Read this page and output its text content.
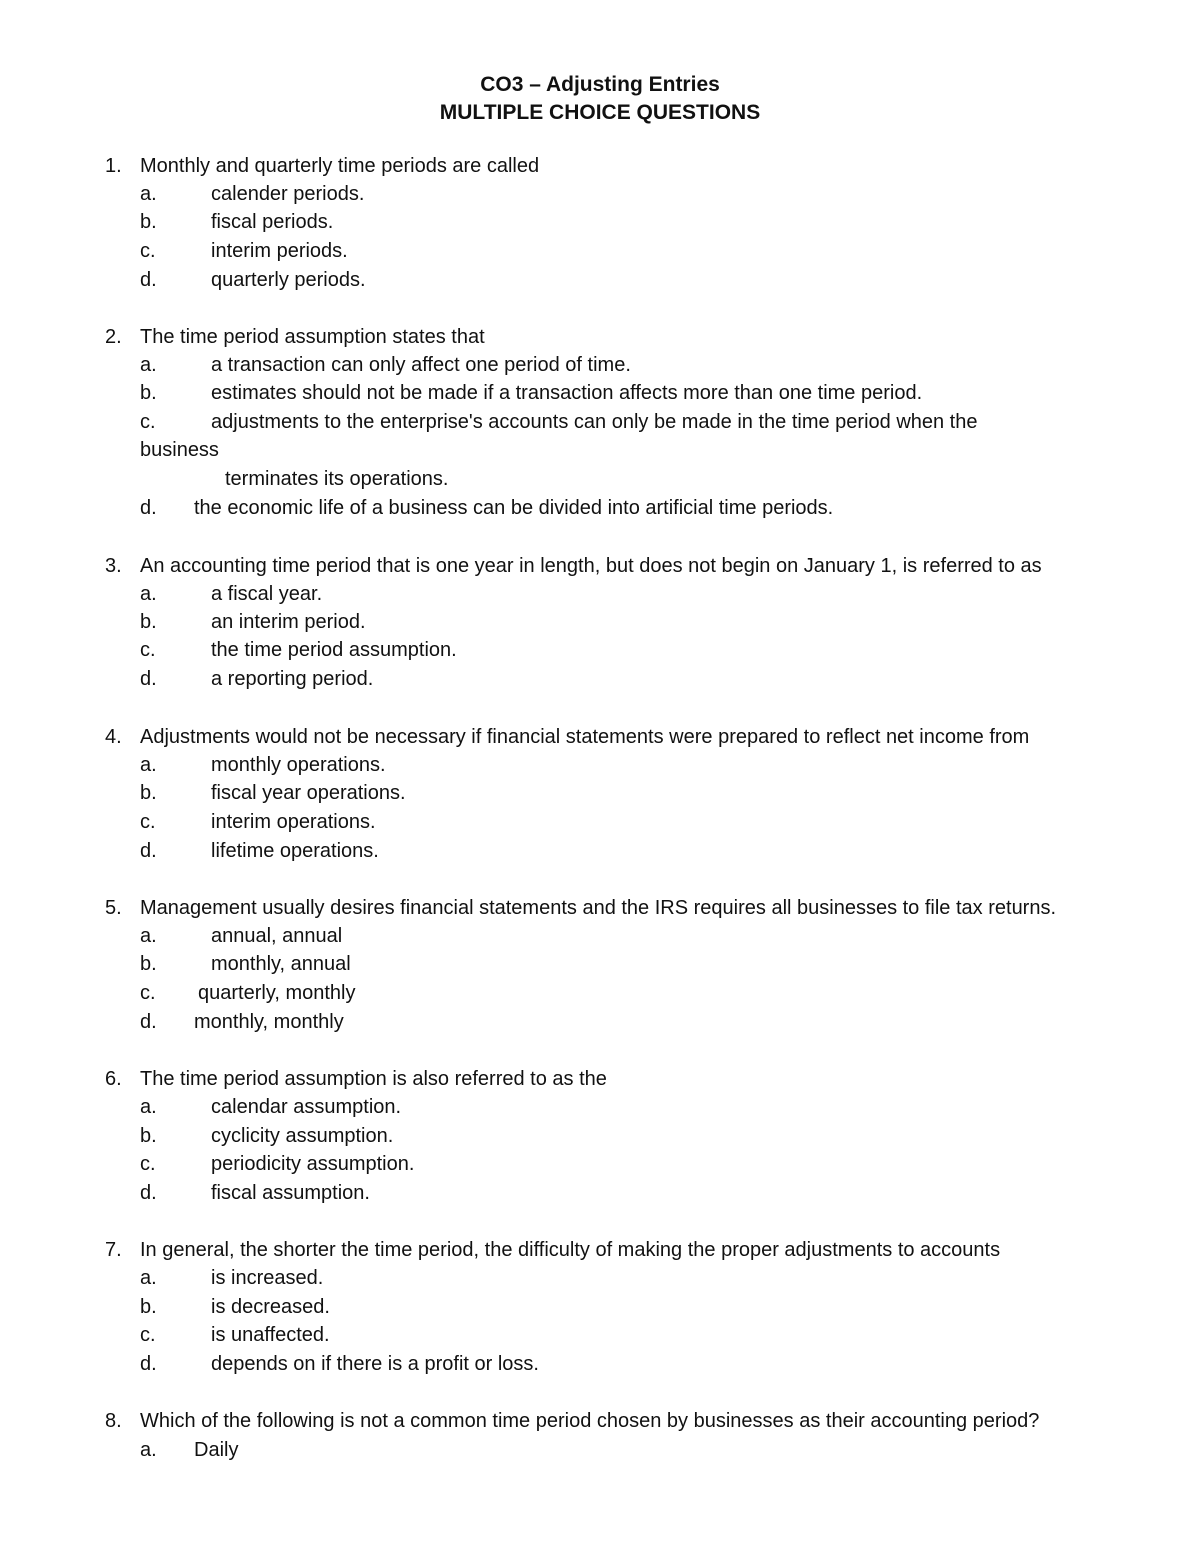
CO3 – Adjusting Entries
MULTIPLE CHOICE QUESTIONS
1. Monthly and quarterly time periods are called
a.	calender periods.
b.	fiscal periods.
c.	interim periods.
d.	quarterly periods.
2. The time period assumption states that
a.	a transaction can only affect one period of time.
b.	estimates should not be made if a transaction affects more than one time period.
c.	adjustments to the enterprise's accounts can only be made in the time period when the
business
terminates its operations.
d. the economic life of a business can be divided into artificial time periods.
3. An accounting time period that is one year in length, but does not begin on January 1, is referred to as
a.	a fiscal year.
b.	an interim period.
c.	the time period assumption.
d.	a reporting period.
4. Adjustments would not be necessary if financial statements were prepared to reflect net income from
a.	monthly operations.
b.	fiscal year operations.
c.	interim operations.
d.	lifetime operations.
5. Management usually desires financial statements and the IRS requires all businesses to file tax returns.
a.	annual, annual
b.	monthly, annual
c. quarterly, monthly
d. monthly, monthly
6. The time period assumption is also referred to as the
a.	calendar assumption.
b.	cyclicity assumption.
c.	periodicity assumption.
d.	fiscal assumption.
7. In general, the shorter the time period, the difficulty of making the proper adjustments to accounts
a.	is increased.
b.	is decreased.
c.	is unaffected.
d.	depends on if there is a profit or loss.
8. Which of the following is not a common time period chosen by businesses as their accounting period?
a. Daily
